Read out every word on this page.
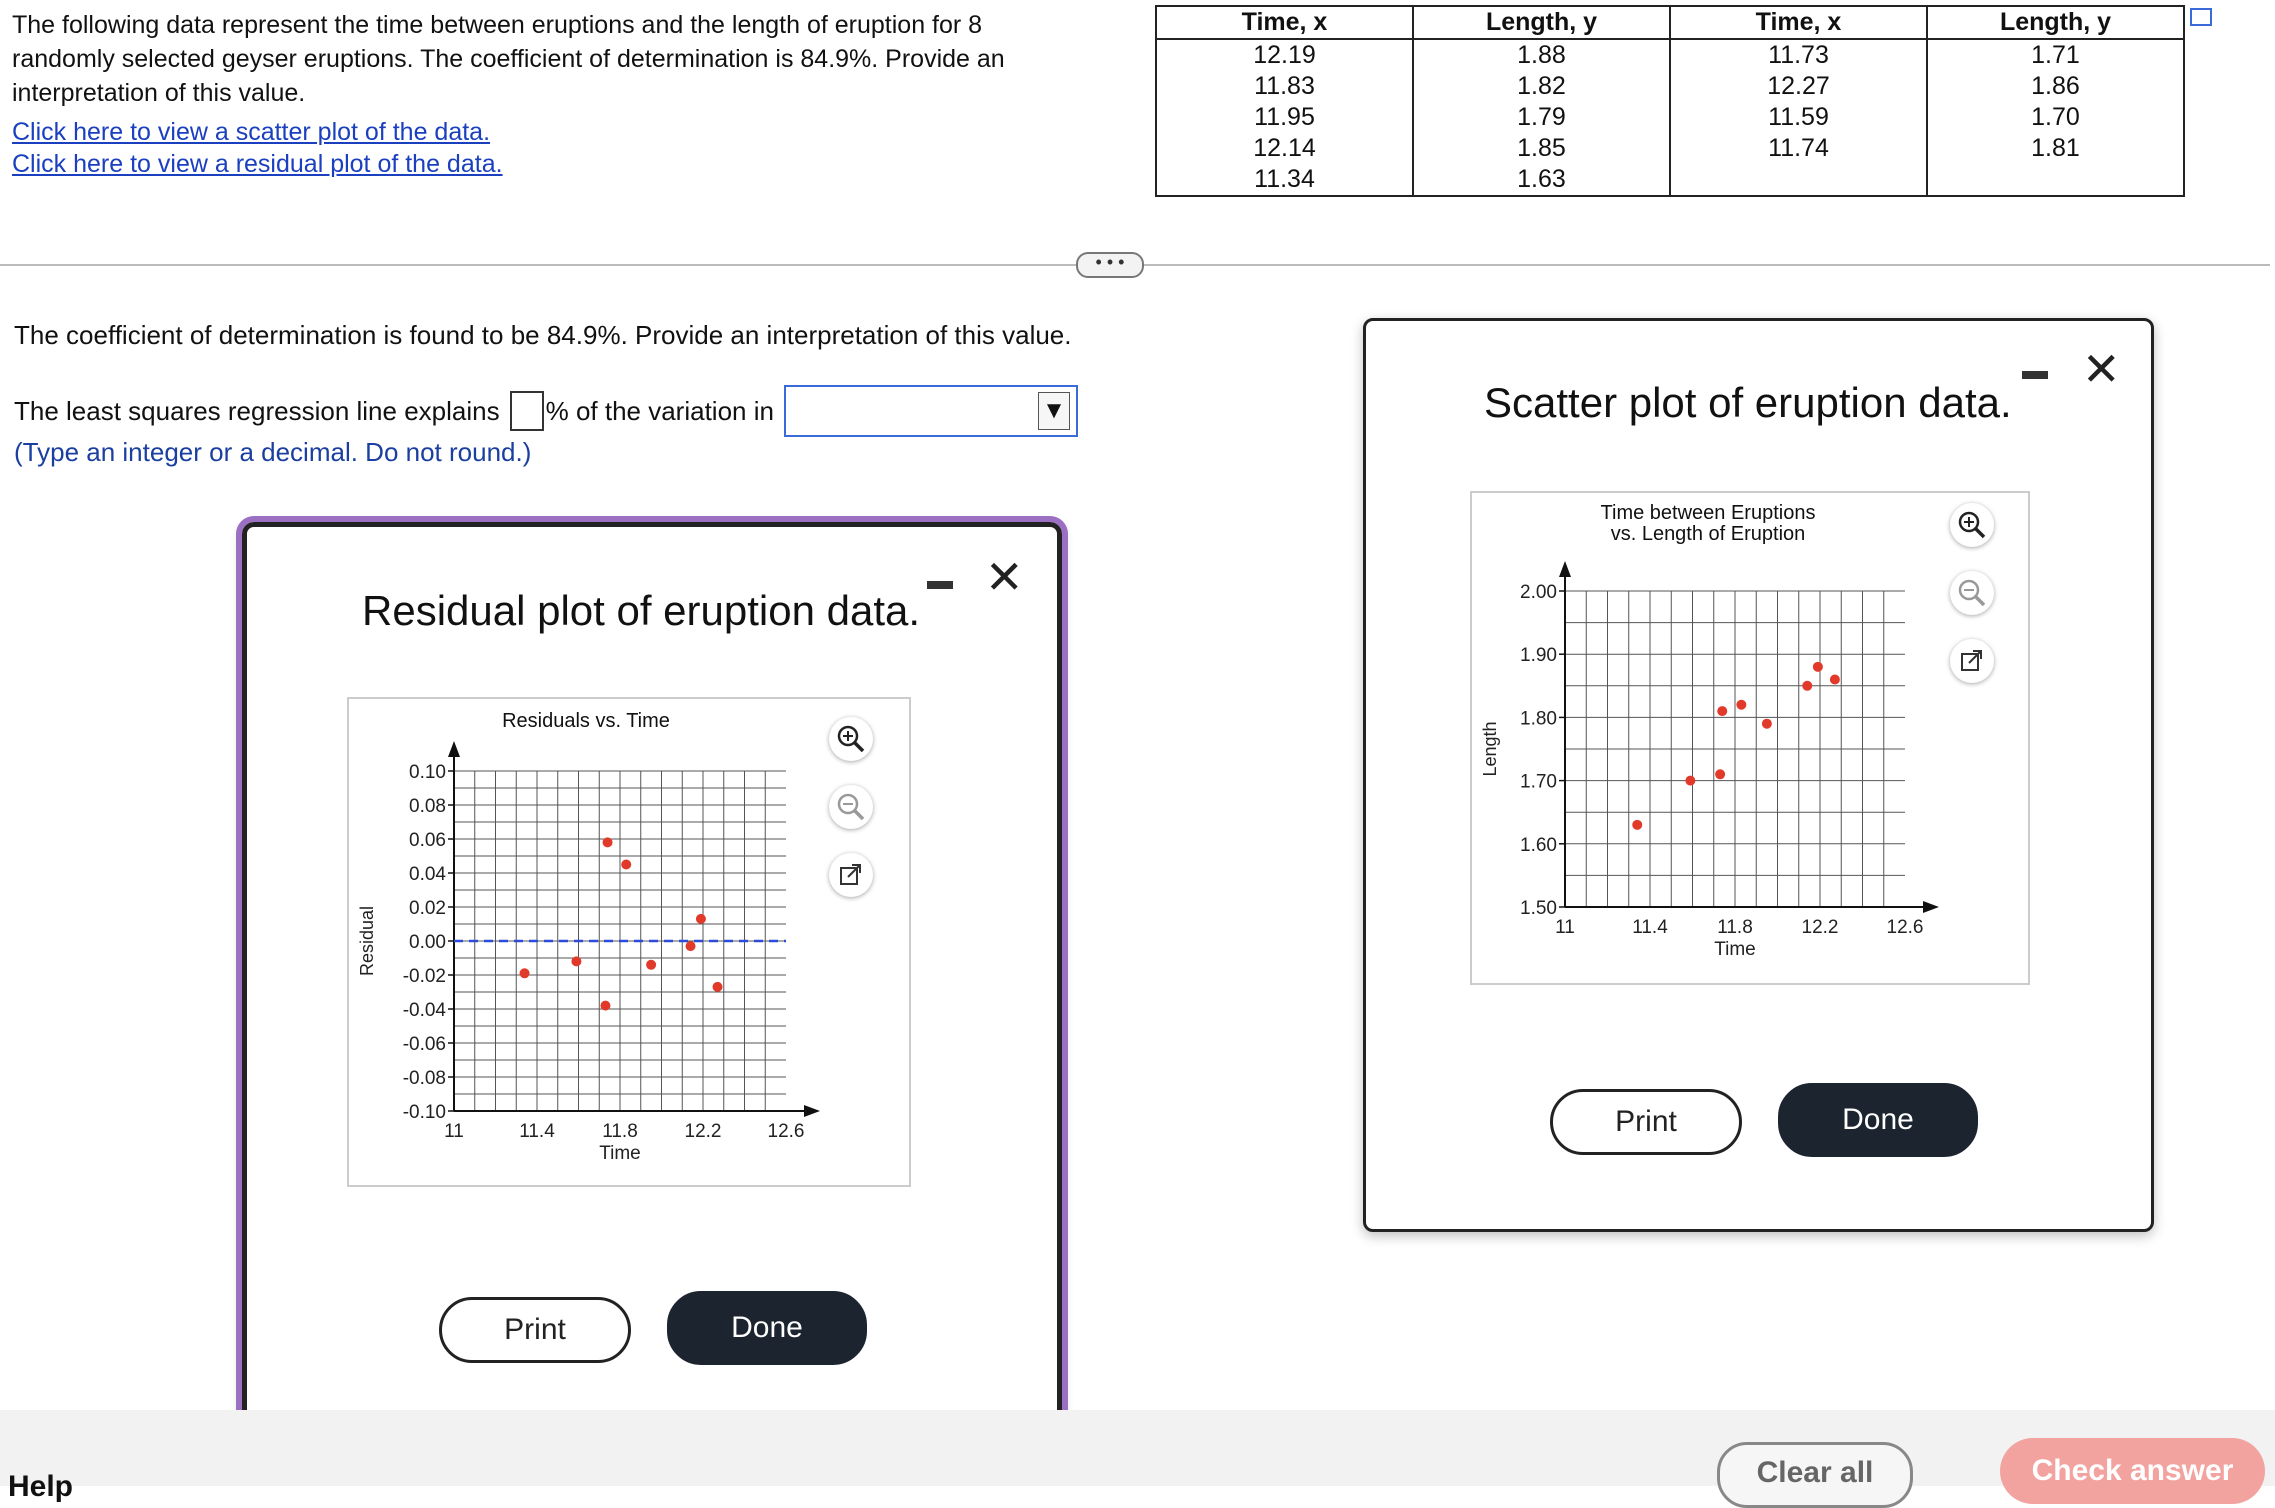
The following data represent the time between eruptions and the length of eruption for 8 randomly selected geyser eruptions. The coefficient of determination is 84.9%. Provide an interpretation of this value.

Click here to view a scatter plot of the data.
Click here to view a residual plot of the data.
Time, x	Length, y	Time, x	Length, y
12.19	1.88	11.73	1.71
11.83	1.82	12.27	1.86
11.95	1.79	11.59	1.70
12.14	1.85	11.74	1.81
11.34	1.63		
• • •
The coefficient of determination is found to be 84.9%. Provide an interpretation of this value.
The least squares regression line explains % of the variation in	▼
(Type an integer or a decimal. Do not round.)
Residual plot of eruption data.
✕
Residuals vs. Time
0.10
0.08
0.06
0.04
0.02
0.00
-0.02
-0.04
-0.06
-0.08
-0.10
11	11.4 11.8 12.2 12.6
Time
Residual
Print	Done
Scatter plot of eruption data.
✕
Time between Eruptions
vs. Length of Eruption
2.00
1.90
1.80
1.70
1.60
1.50
11	11.4	11.8	12.2	12.6
Time
Length
Print	Done
Help	Clear all	Check answer
